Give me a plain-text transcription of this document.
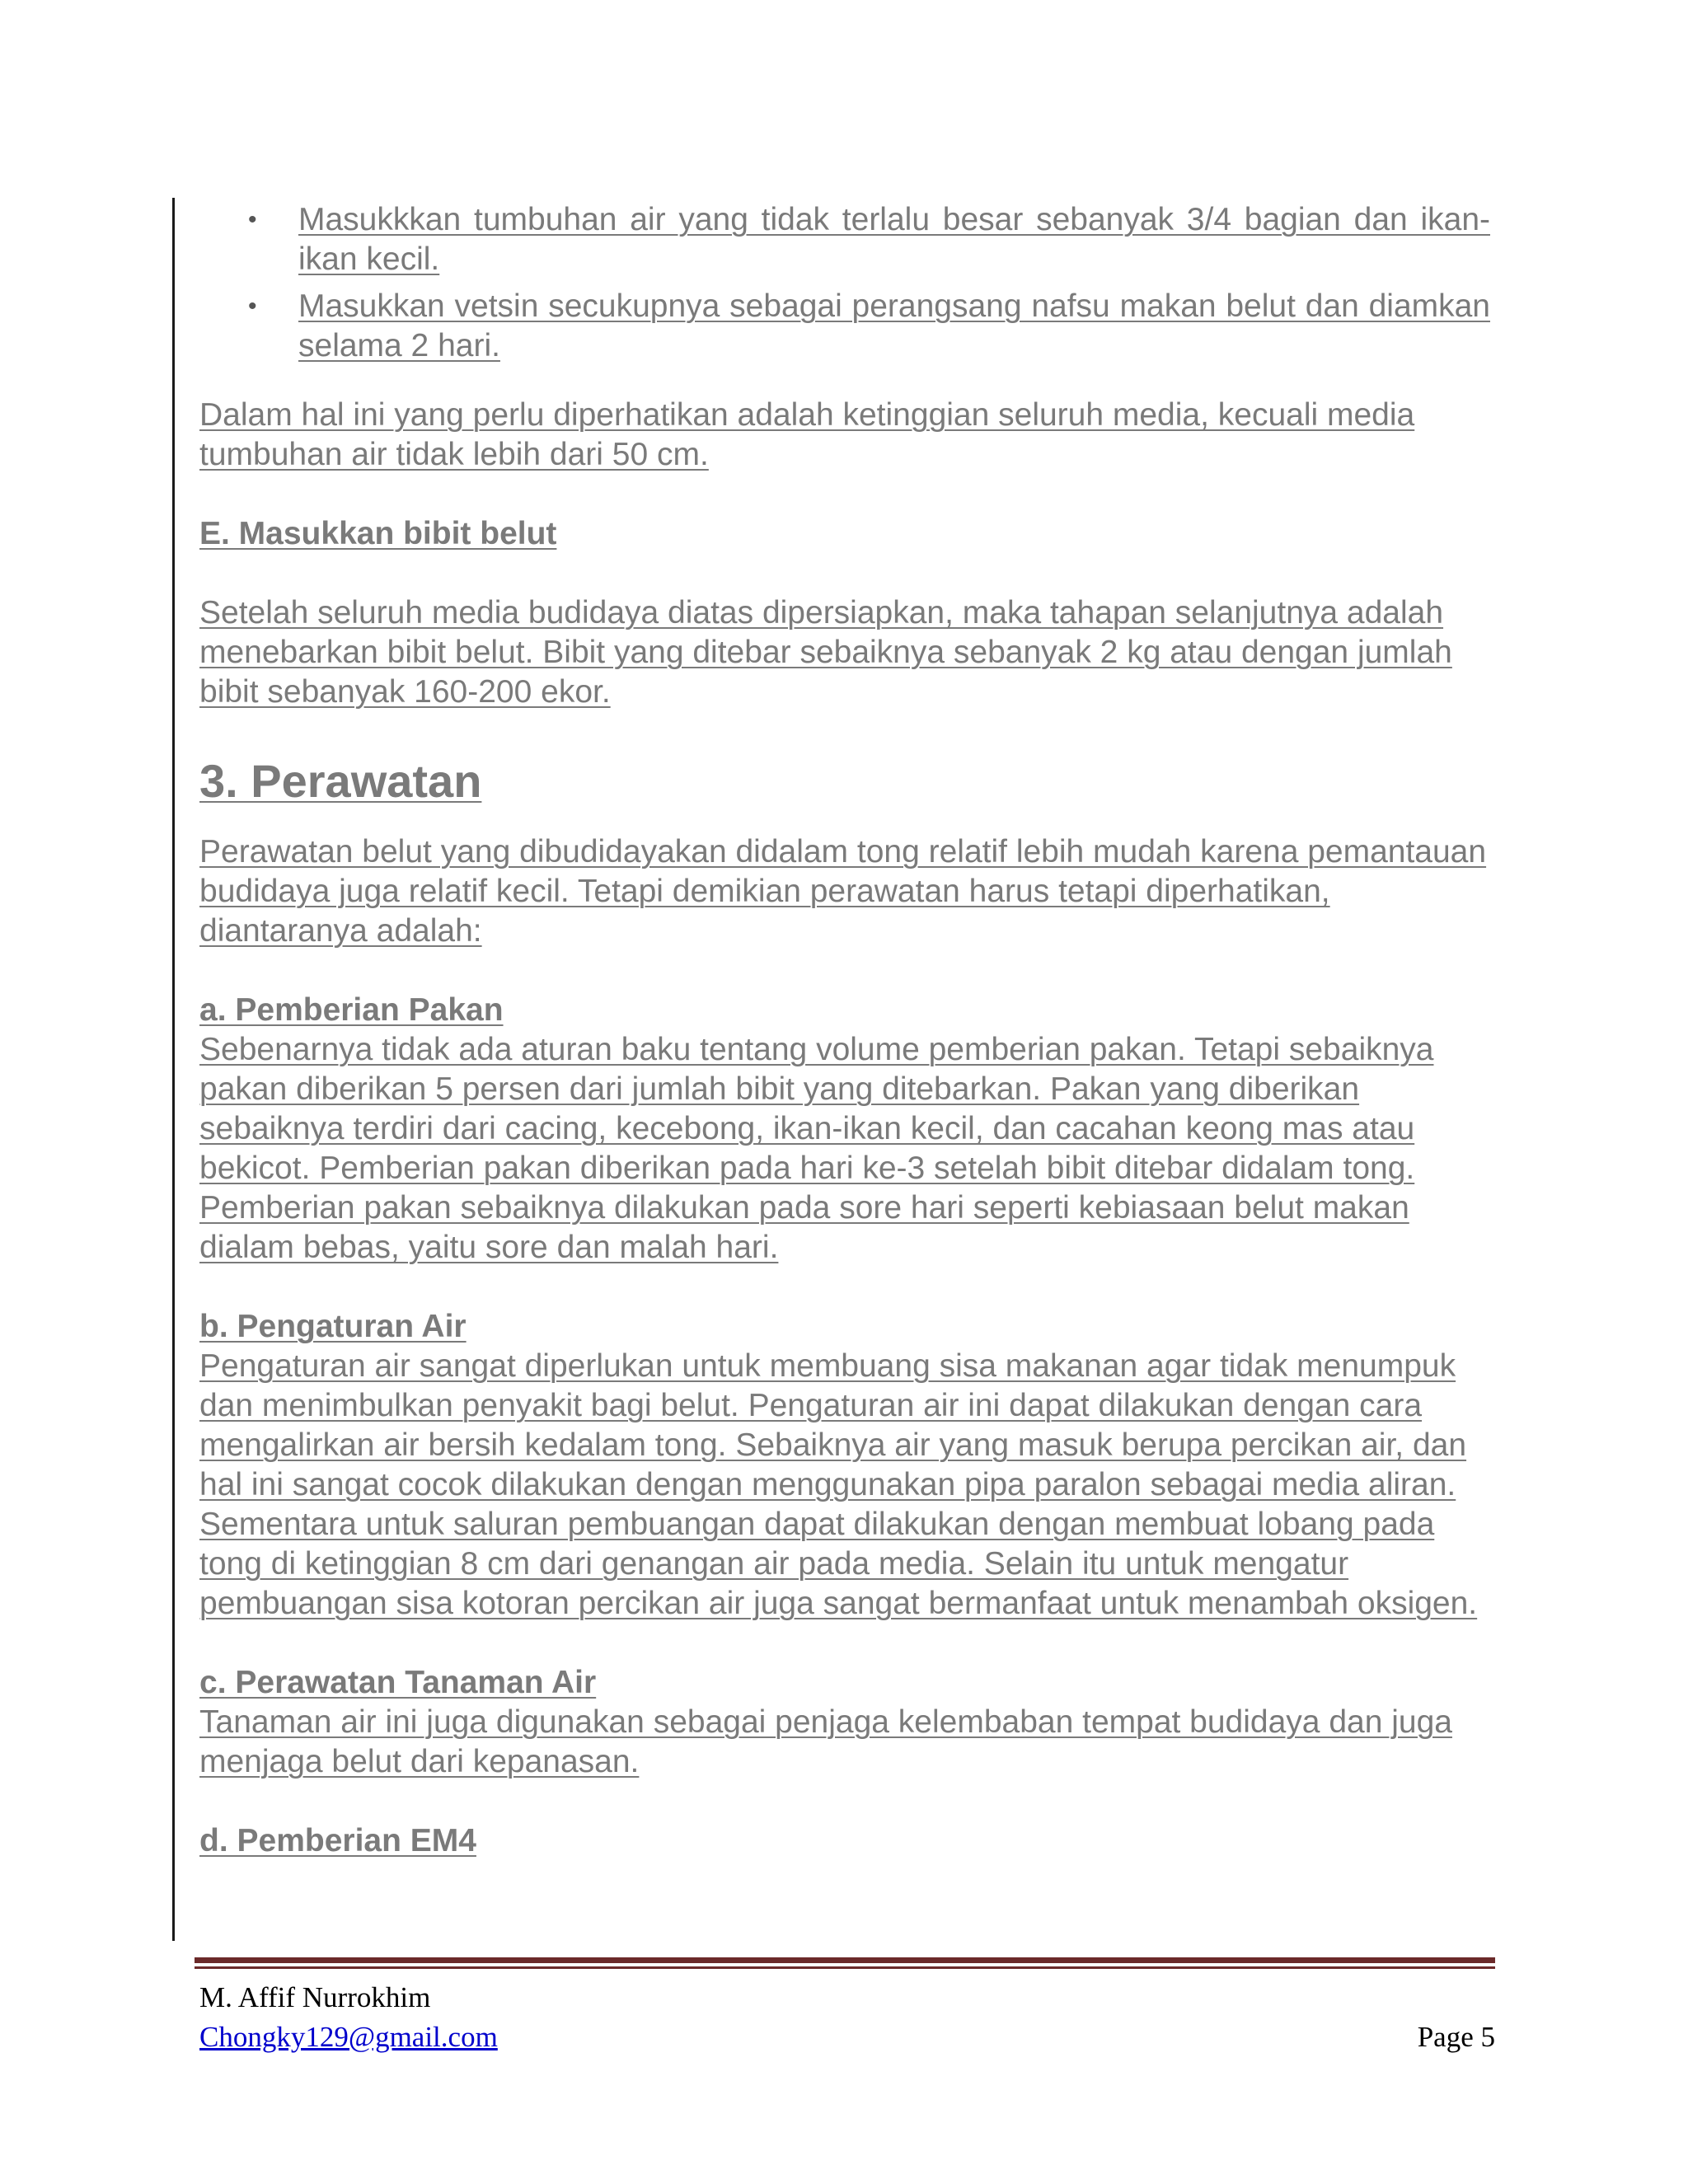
• Masukkkan tumbuhan air yang tidak terlalu besar sebanyak 3/4 bagian dan ikan-ikan kecil.
• Masukkan vetsin secukupnya sebagai perangsang nafsu makan belut dan diamkan selama 2 hari.

Dalam hal ini yang perlu diperhatikan adalah ketinggian seluruh media, kecuali media tumbuhan air tidak lebih dari 50 cm.

E. Masukkan bibit belut

Setelah seluruh media budidaya diatas dipersiapkan, maka tahapan selanjutnya adalah menebarkan bibit belut. Bibit yang ditebar sebaiknya sebanyak 2 kg atau dengan jumlah bibit sebanyak 160-200 ekor.

3. Perawatan

Perawatan belut yang dibudidayakan didalam tong relatif lebih mudah karena pemantauan budidaya juga relatif kecil. Tetapi demikian perawatan harus tetapi diperhatikan, diantaranya adalah:

a. Pemberian Pakan

Sebenarnya tidak ada aturan baku tentang volume pemberian pakan. Tetapi sebaiknya pakan diberikan 5 persen dari jumlah bibit yang ditebarkan. Pakan yang diberikan sebaiknya terdiri dari cacing, kecebong, ikan-ikan kecil, dan cacahan keong mas atau bekicot. Pemberian pakan diberikan pada hari ke-3 setelah bibit ditebar didalam tong. Pemberian pakan sebaiknya dilakukan pada sore hari seperti kebiasaan belut makan dialam bebas, yaitu sore dan malah hari.

b. Pengaturan Air

Pengaturan air sangat diperlukan untuk membuang sisa makanan agar tidak menumpuk dan menimbulkan penyakit bagi belut. Pengaturan air ini dapat dilakukan dengan cara mengalirkan air bersih kedalam tong. Sebaiknya air yang masuk berupa percikan air, dan hal ini sangat cocok dilakukan dengan menggunakan pipa paralon sebagai media aliran. Sementara untuk saluran pembuangan dapat dilakukan dengan membuat lobang pada tong di ketinggian 8 cm dari genangan air pada media. Selain itu untuk mengatur pembuangan sisa kotoran percikan air juga sangat bermanfaat untuk menambah oksigen.

c. Perawatan Tanaman Air

Tanaman air ini juga digunakan sebagai penjaga kelembaban tempat budidaya dan juga menjaga belut dari kepanasan.

d. Pemberian EM4

M. Affif Nurrokhim
Chongky129@gmail.com	Page 5
